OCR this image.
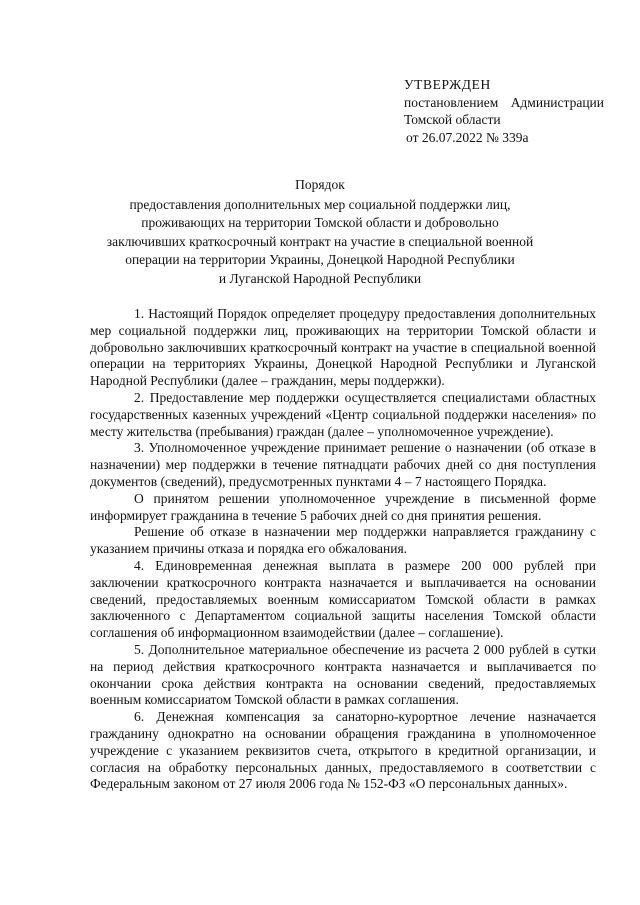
УТВЕРЖДЕН
постановлением Администрации
Томской области
от 26.07.2022 № 339а
Порядок
предоставления дополнительных мер социальной поддержки лиц,
проживающих на территории Томской области и добровольно
заключивших краткосрочный контракт на участие в специальной военной
операции на территории Украины, Донецкой Народной Республики
и Луганской Народной Республики

1. Настоящий Порядок определяет процедуру предоставления дополнительных мер социальной поддержки лиц, проживающих на территории Томской области и добровольно заключивших краткосрочный контракт на участие в специальной военной операции на территориях Украины, Донецкой Народной Республики и Луганской Народной Республики (далее – гражданин, меры поддержки).

2. Предоставление мер поддержки осуществляется специалистами областных государственных казенных учреждений «Центр социальной поддержки населения» по месту жительства (пребывания) граждан (далее – уполномоченное учреждение).

3. Уполномоченное учреждение принимает решение о назначении (об отказе в назначении) мер поддержки в течение пятнадцати рабочих дней со дня поступления документов (сведений), предусмотренных пунктами 4 – 7 настоящего Порядка.

О принятом решении уполномоченное учреждение в письменной форме информирует гражданина в течение 5 рабочих дней со дня принятия решения.

Решение об отказе в назначении мер поддержки направляется гражданину с указанием причины отказа и порядка его обжалования.

4. Единовременная денежная выплата в размере 200 000 рублей при заключении краткосрочного контракта назначается и выплачивается на основании сведений, предоставляемых военным комиссариатом Томской области в рамках заключенного с Департаментом социальной защиты населения Томской области соглашения об информационном взаимодействии (далее – соглашение).

5. Дополнительное материальное обеспечение из расчета 2 000 рублей в сутки на период действия краткосрочного контракта назначается и выплачивается по окончании срока действия контракта на основании сведений, предоставляемых военным комиссариатом Томской области в рамках соглашения.

6. Денежная компенсация за санаторно-курортное лечение назначается гражданину однократно на основании обращения гражданина в уполномоченное учреждение с указанием реквизитов счета, открытого в кредитной организации, и согласия на обработку персональных данных, предоставляемого в соответствии с Федеральным законом от 27 июля 2006 года № 152-ФЗ «О персональных данных».
